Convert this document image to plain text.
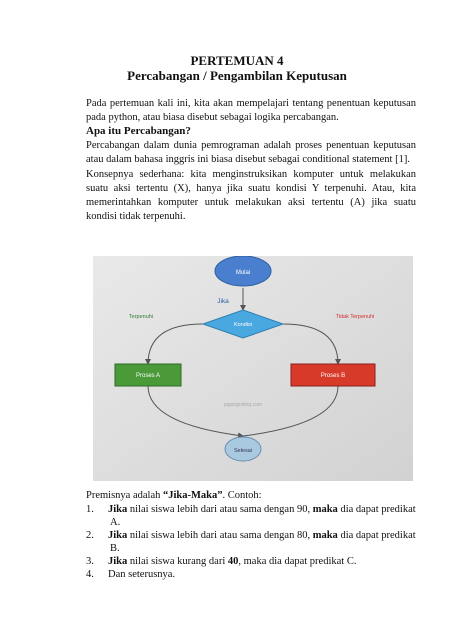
PERTEMUAN 4
Percabangan / Pengambilan Keputusan
Pada pertemuan kali ini, kita akan mempelajari tentang penentuan keputusan pada python, atau biasa disebut sebagai logika percabangan.
Apa itu Percabangan?
Percabangan dalam dunia pemrograman adalah proses penentuan keputusan atau dalam bahasa inggris ini biasa disebut sebagai conditional statement [1].
Konsepnya sederhana: kita menginstruksikan komputer untuk melakukan suatu aksi tertentu (X), hanya jika suatu kondisi Y terpenuhi. Atau, kita memerintahkan komputer untuk melakukan aksi tertentu (A) jika suatu kondisi tidak terpenuhi.
Mulai
Jika
Kondisi
Terpenuhi	Tidak Terpenuhi
Proses A	Proses B
jagongoding.com
Selesai
Premisnya adalah “Jika-Maka”. Contoh:
1. Jika nilai siswa lebih dari atau sama dengan 90, maka dia dapat predikat
A.
2. Jika nilai siswa lebih dari atau sama dengan 80, maka dia dapat predikat
B.
3. Jika nilai siswa kurang dari 40, maka dia dapat predikat C.
4. Dan seterusnya.
